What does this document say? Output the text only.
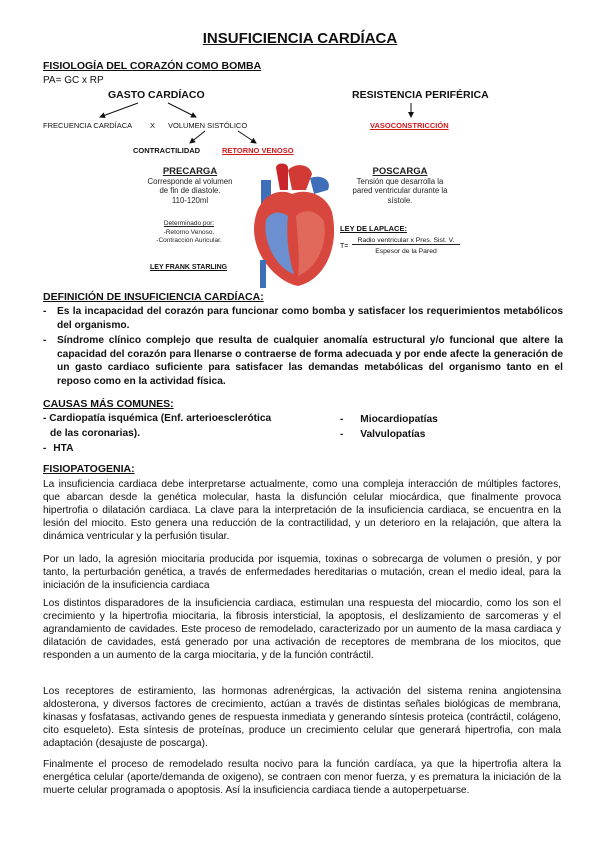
INSUFICIENCIA CARDÍACA
FISIOLOGÍA DEL CORAZÓN COMO BOMBA
PA= GC x RP
GASTO CARDÍACO	RESISTENCIA PERIFÉRICA
FRECUENCIA CARDÍACA X VOLUMEN SISTÓLICO	VASOCONSTRICCIÓN
CONTRACTILIDAD	RETORNO VENOSO
PRECARGA
Corresponde al volumen
de fin de diastole.
110-120ml
Determinado por:
-Retorno Venoso.
-Contracción Auricular.
LEY FRANK STARLING
POSCARGA
Tensión que desarrolla la
pared ventricular durante la
sístole.
LEY DE LAPLACE:
T=
Radio ventricular x Pres. Sist. V.
Espesor de la Pared
DEFINICIÓN DE INSUFICIENCIA CARDÍACA:
- Es la incapacidad del corazón para funcionar como bomba y satisfacer los requerimientos metabólicos del organismo.
- Síndrome clínico complejo que resulta de cualquier anomalía estructural y/o funcional que altere la capacidad del corazón para llenarse o contraerse de forma adecuada y por ende afecte la generación de un gasto cardiaco suficiente para satisfacer las demandas metabólicas del organismo tanto en el reposo como en la actividad física.
CAUSAS MÁS COMUNES:
- Cardiopatía isquémica (Enf. arterioesclerótica
de las coronarias).
- HTA
- Miocardiopatías
- Valvulopatías
FISIOPATOGENIA:
La insuficiencia cardiaca debe interpretarse actualmente, como una compleja interacción de múltiples factores, que abarcan desde la genética molecular, hasta la disfunción celular miocárdica, que finalmente provoca hipertrofia o dilatación cardiaca. La clave para la interpretación de la insuficiencia cardiaca, se encuentra en la lesión del miocito. Esto genera una reducción de la contractilidad, y un deterioro en la relajación, que altera la dinámica ventricular y la perfusión tisular.
Por un lado, la agresión miocitaria producida por isquemia, toxinas o sobrecarga de volumen o presión, y por tanto, la perturbación genética, a través de enfermedades hereditarias o mutación, crean el medio ideal, para la iniciación de la insuficiencia cardiaca
Los distintos disparadores de la insuficiencia cardiaca, estimulan una respuesta del miocardio, como los son el crecimiento y la hipertrofia miocitaria, la fibrosis intersticial, la apoptosis, el deslizamiento de sarcomeras y el agrandamiento de cavidades. Este proceso de remodelado, caracterizado por un aumento de la masa cardiaca y dilatación de cavidades, está generado por una activación de receptores de membrana de los miocitos, que responden a un aumento de la carga miocitaria, y de la función contráctil.
Los receptores de estiramiento, las hormonas adrenérgicas, la activación del sistema renina angiotensina aldosterona, y diversos factores de crecimiento, actúan a través de distintas señales biológicas de membrana, kinasas y fosfatasas, activando genes de respuesta inmediata y generando síntesis proteica (contráctil, colágeno, cito esqueleto). Esta síntesis de proteínas, produce un crecimiento celular que generará hipertrofia, con mala adaptación (desajuste de poscarga).
Finalmente el proceso de remodelado resulta nocivo para la función cardíaca, ya que la hipertrofia altera la energética celular (aporte/demanda de oxigeno), se contraen con menor fuerza, y es prematura la iniciación de la muerte celular programada o apoptosis. Así la insuficiencia cardiaca tiende a autoperpetuarse.
